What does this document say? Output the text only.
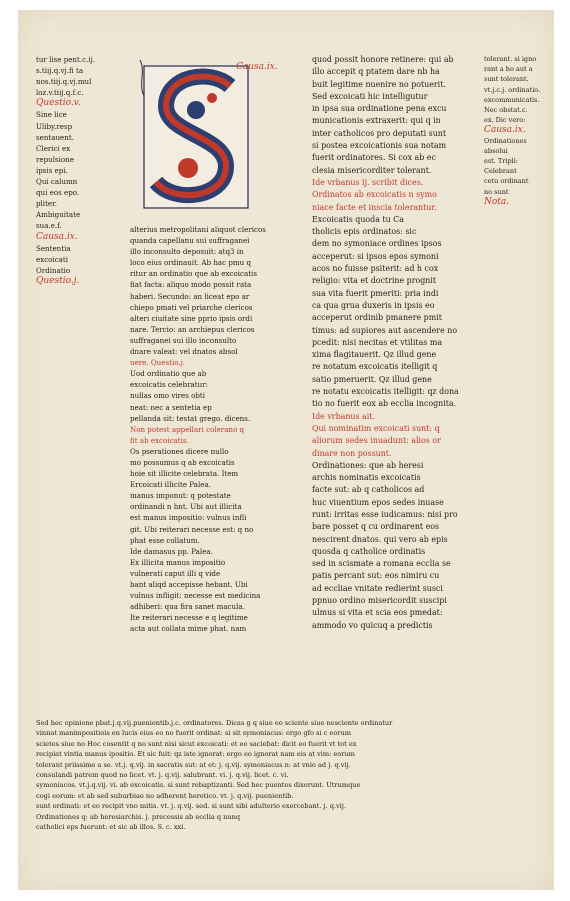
Causa.ix.
tur lise pent.c.ij.
s.tiij.q.vj.fi ta
nos.tiij.q.vj.mul
loz.v.tiij.q.f.c.
Questio.v.
Sine lice
Uliby.resp
sentauent.
Clerici ex
repulsione
ipsis epi.
Qui calumn
qui eos epo.
pliter.
Ambiguitate
sua.e.f.
Causa.ix.
Sententia
excoicati
Ordinatio
Questio.j.
alterius metropolitani aliquot clericos
quanda capellanu sui suffraganei
illo inconsulto deposuit: atq3 in
loco eius ordinauit. Ab hac pmu q
ritur an ordinatio que ab excoicatis
fiat facta: aliquo modo possit rata
haberi. Secundo: an liceat epo ar
chiepo pmati vel priarche clericos
alteri ciuitate sine pprio ipsis ordi
nare. Tercio: an archiepus clericos
suffraganei sui illo inconsulto
dnare valeat: vel dnatos absol
uere. Questio.j.
Uod ordinatio que ab
excoicatis celebratur:
nullas omo vires obti
neat: nec a sentetia ep
pellanda sit: testat grego. dicens.
Non potest appellari colerano q
fit ab excoicatis.
Os pserationes dicere nullo
mo possumus q ab excoicatis
hoie sit illicite celebrata. Item
Ercoicati illicite Palea.
manus imponut: q potestate
ordinandi n hnt. Ubi aut illicita
est manus impositio: vulnus infli
git. Ubi reiterari necesse est: q no
phat esse collatum.
Ide damasus pp. Palea.
Ex illicita manus impositio
vulnerati caput illi q vide
bant aliqd accepisse hebant. Ubi
vulnus infligit: necesse est medicina
adhiberi: qua fira sanet macula.
Ite reiterari necesse e q legitime
acta aut collata mime phat. nam
quod possit honore retinere: qui ab
illo accepit q ptatem dare nb ha
buit legitime nuenire no potuerit.
Sed excoicati hic intelligutur
in ipsa sua ordinatione pena excu
municationis extraxerit: qui q in
inter catholicos pro deputati sunt
si postea excoicationis sua notam
fuerit ordinatores. Si cox ab ec
clesia misericorditer tolerant.
Ide vrbanus ij. scribit dices.
Ordinatos ab excoicatis n symo
niace facte et inscia tolerantur.
Excoicatis quoda tu Ca
tholicis epis ordinatos: sic
dem no symoniace ordines ipsos
acceperut: si ipsos epos symoni
acos no fuisse psiterit: ad h cox
religio: vita et doctrine prognit
sua vita fuerit pmeriti: pria indi
ca qua grua duxeris in ipsis eo
acceperut ordinib pmanere pmit
timus: ad supiores aut ascendere no
pcedit: nisi necitas et vtilitas ma
xima flagitauerit. Qz illud gene
re notatum excoicatis itelligit q
satio pmeruerit. Qz illud gene
re notatu excoicatis itelligit: qz dona
tio no fuerit eox ab ecclia incognita.
Ide vrbanus ait.
Qui nominatim excoicati sunt: q
aliorum sedes inuadunt: alios or
dinare non possunt.
Ordinationes: que ab heresi
archis nominatis excoicatis
facte sut: ab q catholicos ad
huc viuentium epos sedes inuase
runt: irritas esse iudicamus: nisi pro
bare posset q cu ordinarent eos
nescirent dnatos. qui vero ab epis
quosda q catholice ordinatis
sed in scismate a romana ecclia se
patis percant sut: eos nimiru cu
ad eccliae vnitate redierint susci
ppnuo ordino misericordit suscipi
ulmus si vita et scia eos pmedat:
ammodo vo quicuq a predictis
tolerant. si igno
rant a ho aut a
sunt tolerant.
vt.j.c.j. ordinatio.
excommunicatis.
Nec obstat.c.
ex. Dic vero:
Causa.ix.
Ordinationes
absolui
est. Tripli:
Celebrant
cetu ordinant
no sunt
Nota.
Sed hec opinione pbat.j.q.vij.puenientib.j.c. ordinatores. Dicas g q siue eo sciente siue nesciente ordinatur
vinnat manimpositiois en lucis eius eo no fuerit ordinat: si sit symoniacus: ergo gfo si c eorum
scietes siue no Hoc cosentit q no sunt nisi sicut excoicati: et eo saciebat: dicit eo fuerit vt tot ex
recipiat vintia manus ipositio. Et sic fuit: qz iste ignorat: ergo eo ignorat nam eis at vim: eorum
tolerant priissime a se. vt.j. q.vij. in sacratis sut: at et: j. q.vij. symoniacus n: at vnio ad j. q.vij.
consulandi patrem quod no licet. vt. j. q.vij. salubrant. vi. j. q.vij. licet. c. vi.
symoniacos. vt.j.q.vij. vi. ab excoicatis. si sunt rebaptizanti. Sed hec puentes dixerunt. Utrumque
cogi eorum: et ab sed suburbiae no adherent heretico. vt. j. q.vij. puenientib.
sunt ordinati: et eo recipit vno mitis. vt. j. q.vij. sed. si sunt sibi adulterio exercebant. j. q.vij.
Ordinationes q: ab heresiarchis. j. precessis ab ecclia q nunq
catholici eps fuerunt: et sic ab illos. S. c. xxi.
